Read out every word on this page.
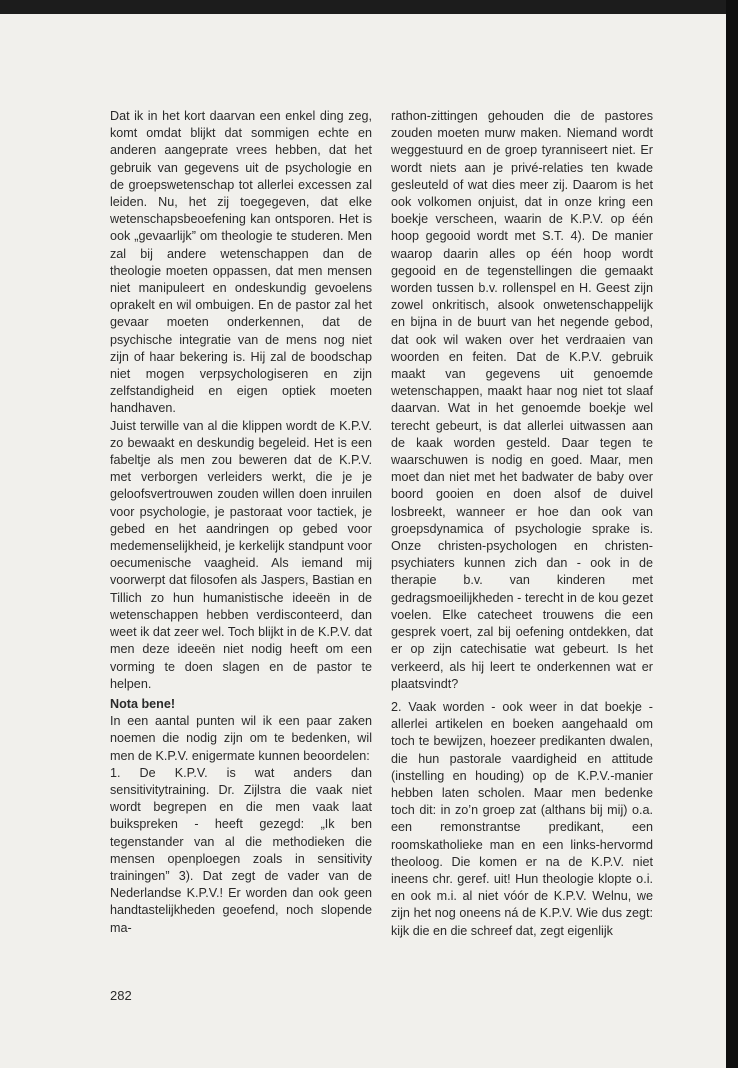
Dat ik in het kort daarvan een enkel ding zeg, komt omdat blijkt dat sommigen echte en anderen aangeprate vrees hebben, dat het gebruik van gegevens uit de psychologie en de groepswetenschap tot allerlei excessen zal leiden. Nu, het zij toegegeven, dat elke wetenschapsbeoefening kan ontsporen. Het is ook „gevaarlijk” om theologie te studeren. Men zal bij andere wetenschappen dan de theologie moeten oppassen, dat men mensen niet manipuleert en ondeskundig gevoelens oprakelt en wil ombuigen. En de pastor zal het gevaar moeten onderkennen, dat de psychische integratie van de mens nog niet zijn of haar bekering is. Hij zal de boodschap niet mogen verpsychologiseren en zijn zelfstandigheid en eigen optiek moeten handhaven.

Juist terwille van al die klippen wordt de K.P.V. zo bewaakt en deskundig begeleid. Het is een fabeltje als men zou beweren dat de K.P.V. met verborgen verleiders werkt, die je je geloofsvertrouwen zouden willen doen inruilen voor psychologie, je pastoraat voor tactiek, je gebed en het aandringen op gebed voor medemenselijkheid, je kerkelijk standpunt voor oecumenische vaagheid. Als iemand mij voorwerpt dat filosofen als Jaspers, Bastian en Tillich zo hun humanistische ideeën in de wetenschappen hebben verdisconteerd, dan weet ik dat zeer wel. Toch blijkt in de K.P.V. dat men deze ideeën niet nodig heeft om een vorming te doen slagen en de pastor te helpen.

Nota bene!

In een aantal punten wil ik een paar zaken noemen die nodig zijn om te bedenken, wil men de K.P.V. enigermate kunnen beoordelen:

1. De K.P.V. is wat anders dan sensitivitytraining. Dr. Zijlstra die vaak niet wordt begrepen en die men vaak laat buikspreken - heeft gezegd: „Ik ben tegenstander van al die methodieken die mensen openploegen zoals in sensitivity trainingen” 3). Dat zegt de vader van de Nederlandse K.P.V.! Er worden dan ook geen handtastelijkheden geoefend, noch slopende ma-

rathon-zittingen gehouden die de pastores zouden moeten murw maken. Niemand wordt weggestuurd en de groep tyranniseert niet. Er wordt niets aan je privé-relaties ten kwade gesleuteld of wat dies meer zij. Daarom is het ook volkomen onjuist, dat in onze kring een boekje verscheen, waarin de K.P.V. op één hoop gegooid wordt met S.T. 4). De manier waarop daarin alles op één hoop wordt gegooid en de tegenstellingen die gemaakt worden tussen b.v. rollenspel en H. Geest zijn zowel onkritisch, alsook onwetenschappelijk en bijna in de buurt van het negende gebod, dat ook wil waken over het verdraaien van woorden en feiten. Dat de K.P.V. gebruik maakt van gegevens uit genoemde wetenschappen, maakt haar nog niet tot slaaf daarvan. Wat in het genoemde boekje wel terecht gebeurt, is dat allerlei uitwassen aan de kaak worden gesteld. Daar tegen te waarschuwen is nodig en goed. Maar, men moet dan niet met het badwater de baby over boord gooien en doen alsof de duivel losbreekt, wanneer er hoe dan ook van groepsdynamica of psychologie sprake is. Onze christen-psychologen en christen-psychiaters kunnen zich dan - ook in de therapie b.v. van kinderen met gedragsmoeilijkheden - terecht in de kou gezet voelen. Elke catecheet trouwens die een gesprek voert, zal bij oefening ontdekken, dat er op zijn catechisatie wat gebeurt. Is het verkeerd, als hij leert te onderkennen wat er plaatsvindt?

2. Vaak worden - ook weer in dat boekje - allerlei artikelen en boeken aangehaald om toch te bewijzen, hoezeer predikanten dwalen, die hun pastorale vaardigheid en attitude (instelling en houding) op de K.P.V.-manier hebben laten scholen. Maar men bedenke toch dit: in zo’n groep zat (althans bij mij) o.a. een remonstrantse predikant, een roomskatholieke man en een links-hervormd theoloog. Die komen er na de K.P.V. niet ineens chr. geref. uit! Hun theologie klopte o.i. en ook m.i. al niet vóór de K.P.V. Welnu, we zijn het nog oneens ná de K.P.V. Wie dus zegt: kijk die en die schreef dat, zegt eigenlijk

282
